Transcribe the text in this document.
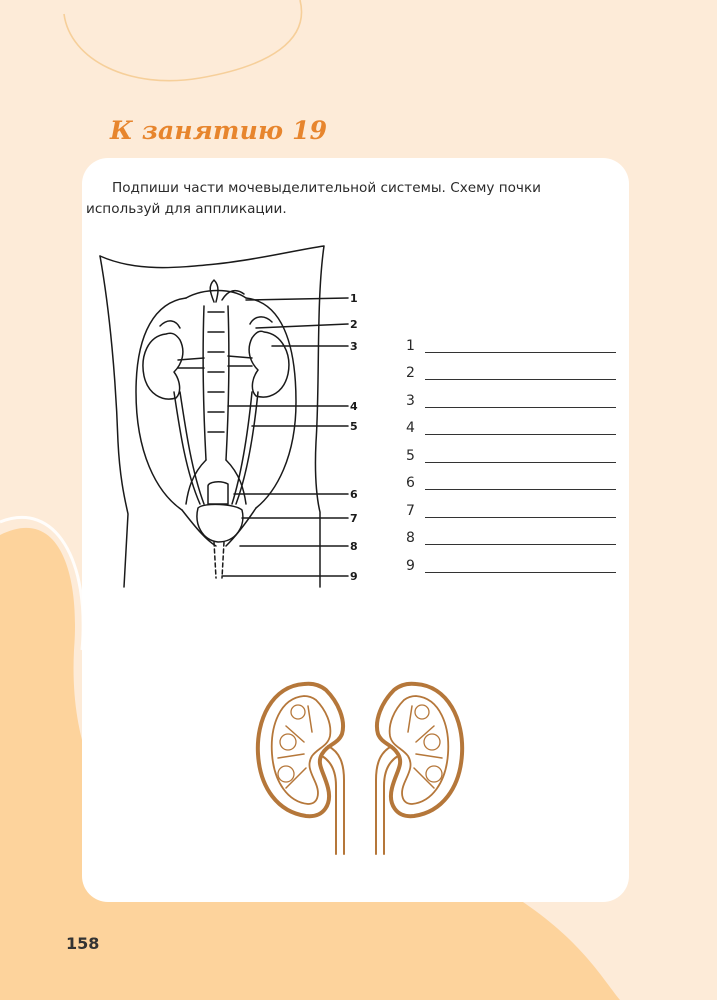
К занятию 19

Подпиши части мочевыделительной системы. Схему почки используй для аппликации.

1
2
3
4
5
6
7
8
9
1
2
3
4
5
6
7
8
9
158
